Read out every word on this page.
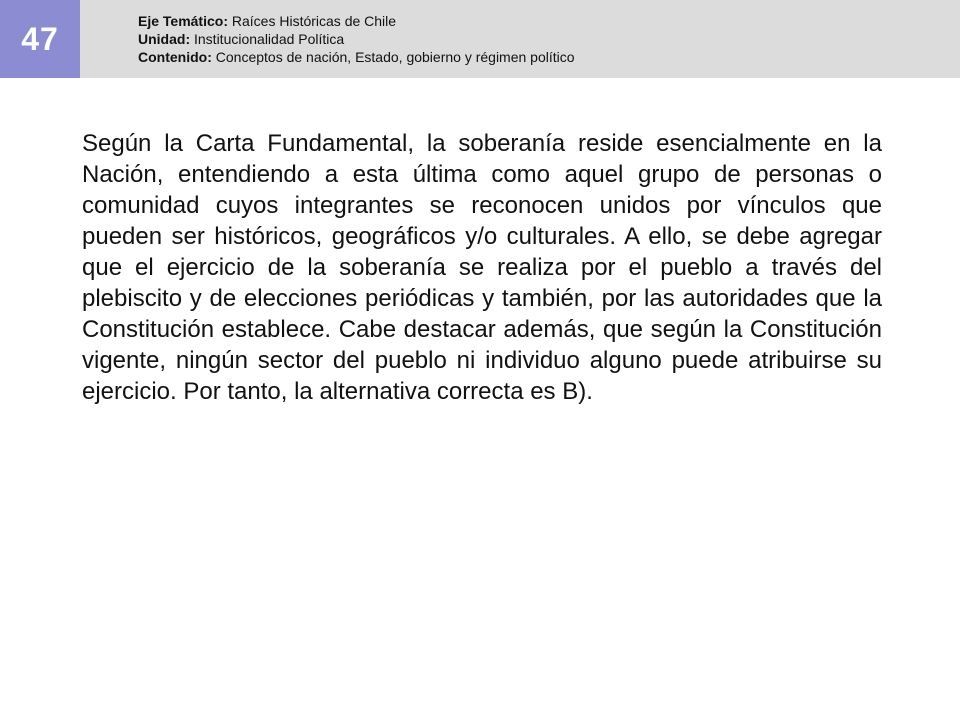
47	Eje Temático: Raíces Históricas de Chile
Unidad: Institucionalidad Política
Contenido: Conceptos de nación, Estado, gobierno y régimen político

Según la Carta Fundamental, la soberanía reside esencialmente en la Nación, entendiendo a esta última como aquel grupo de personas o comunidad cuyos integrantes se reconocen unidos por vínculos que pueden ser históricos, geográficos y/o culturales. A ello, se debe agregar que el ejercicio de la soberanía se realiza por el pueblo a través del plebiscito y de elecciones periódicas y también, por las autoridades que la Constitución establece. Cabe destacar además, que según la Constitución vigente, ningún sector del pueblo ni individuo alguno puede atribuirse su ejercicio. Por tanto, la alternativa correcta es B).
